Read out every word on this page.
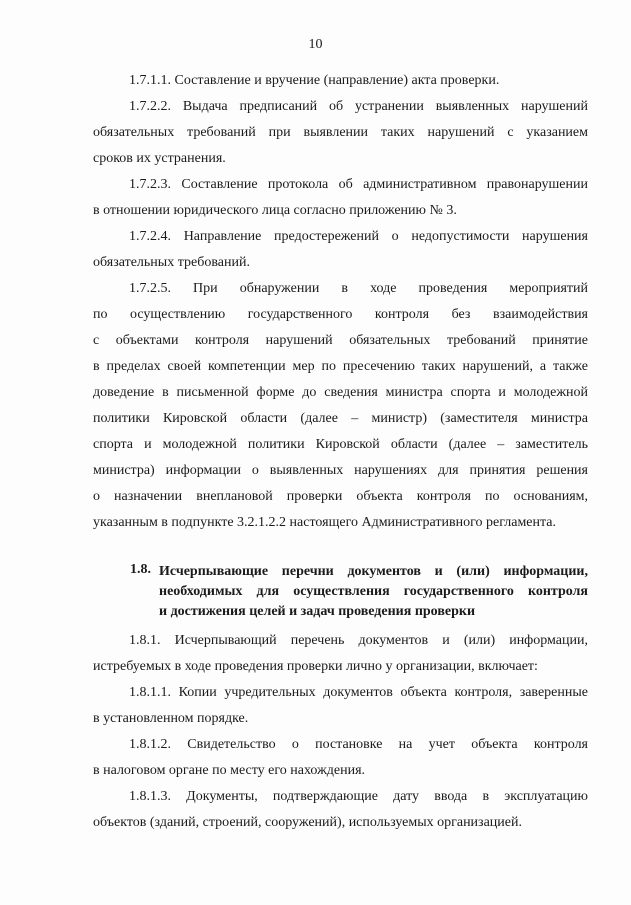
10
1.7.1.1. Составление и вручение (направление) акта проверки.
1.7.2.2. Выдача предписаний об устранении выявленных нарушений
обязательных требований при выявлении таких нарушений с указанием
сроков их устранения.
1.7.2.3. Составление протокола об административном правонарушении
в отношении юридического лица согласно приложению № 3.
1.7.2.4. Направление предостережений о недопустимости нарушения
обязательных требований.
1.7.2.5. При обнаружении в ходе проведения мероприятий
по осуществлению государственного контроля без взаимодействия
с объектами контроля нарушений обязательных требований принятие
в пределах своей компетенции мер по пресечению таких нарушений, а также
доведение в письменной форме до сведения министра спорта и молодежной
политики Кировской области (далее – министр) (заместителя министра
спорта и молодежной политики Кировской области (далее – заместитель
министра) информации о выявленных нарушениях для принятия решения
о назначении внеплановой проверки объекта контроля по основаниям,
указанным в подпункте 3.2.1.2.2 настоящего Административного регламента.
1.8. Исчерпывающие перечни документов и (или) информации,
необходимых для осуществления государственного контроля
и достижения целей и задач проведения проверки
1.8.1. Исчерпывающий перечень документов и (или) информации,
истребуемых в ходе проведения проверки лично у организации, включает:
1.8.1.1. Копии учредительных документов объекта контроля, заверенные
в установленном порядке.
1.8.1.2. Свидетельство о постановке на учет объекта контроля
в налоговом органе по месту его нахождения.
1.8.1.3. Документы, подтверждающие дату ввода в эксплуатацию
объектов (зданий, строений, сооружений), используемых организацией.
